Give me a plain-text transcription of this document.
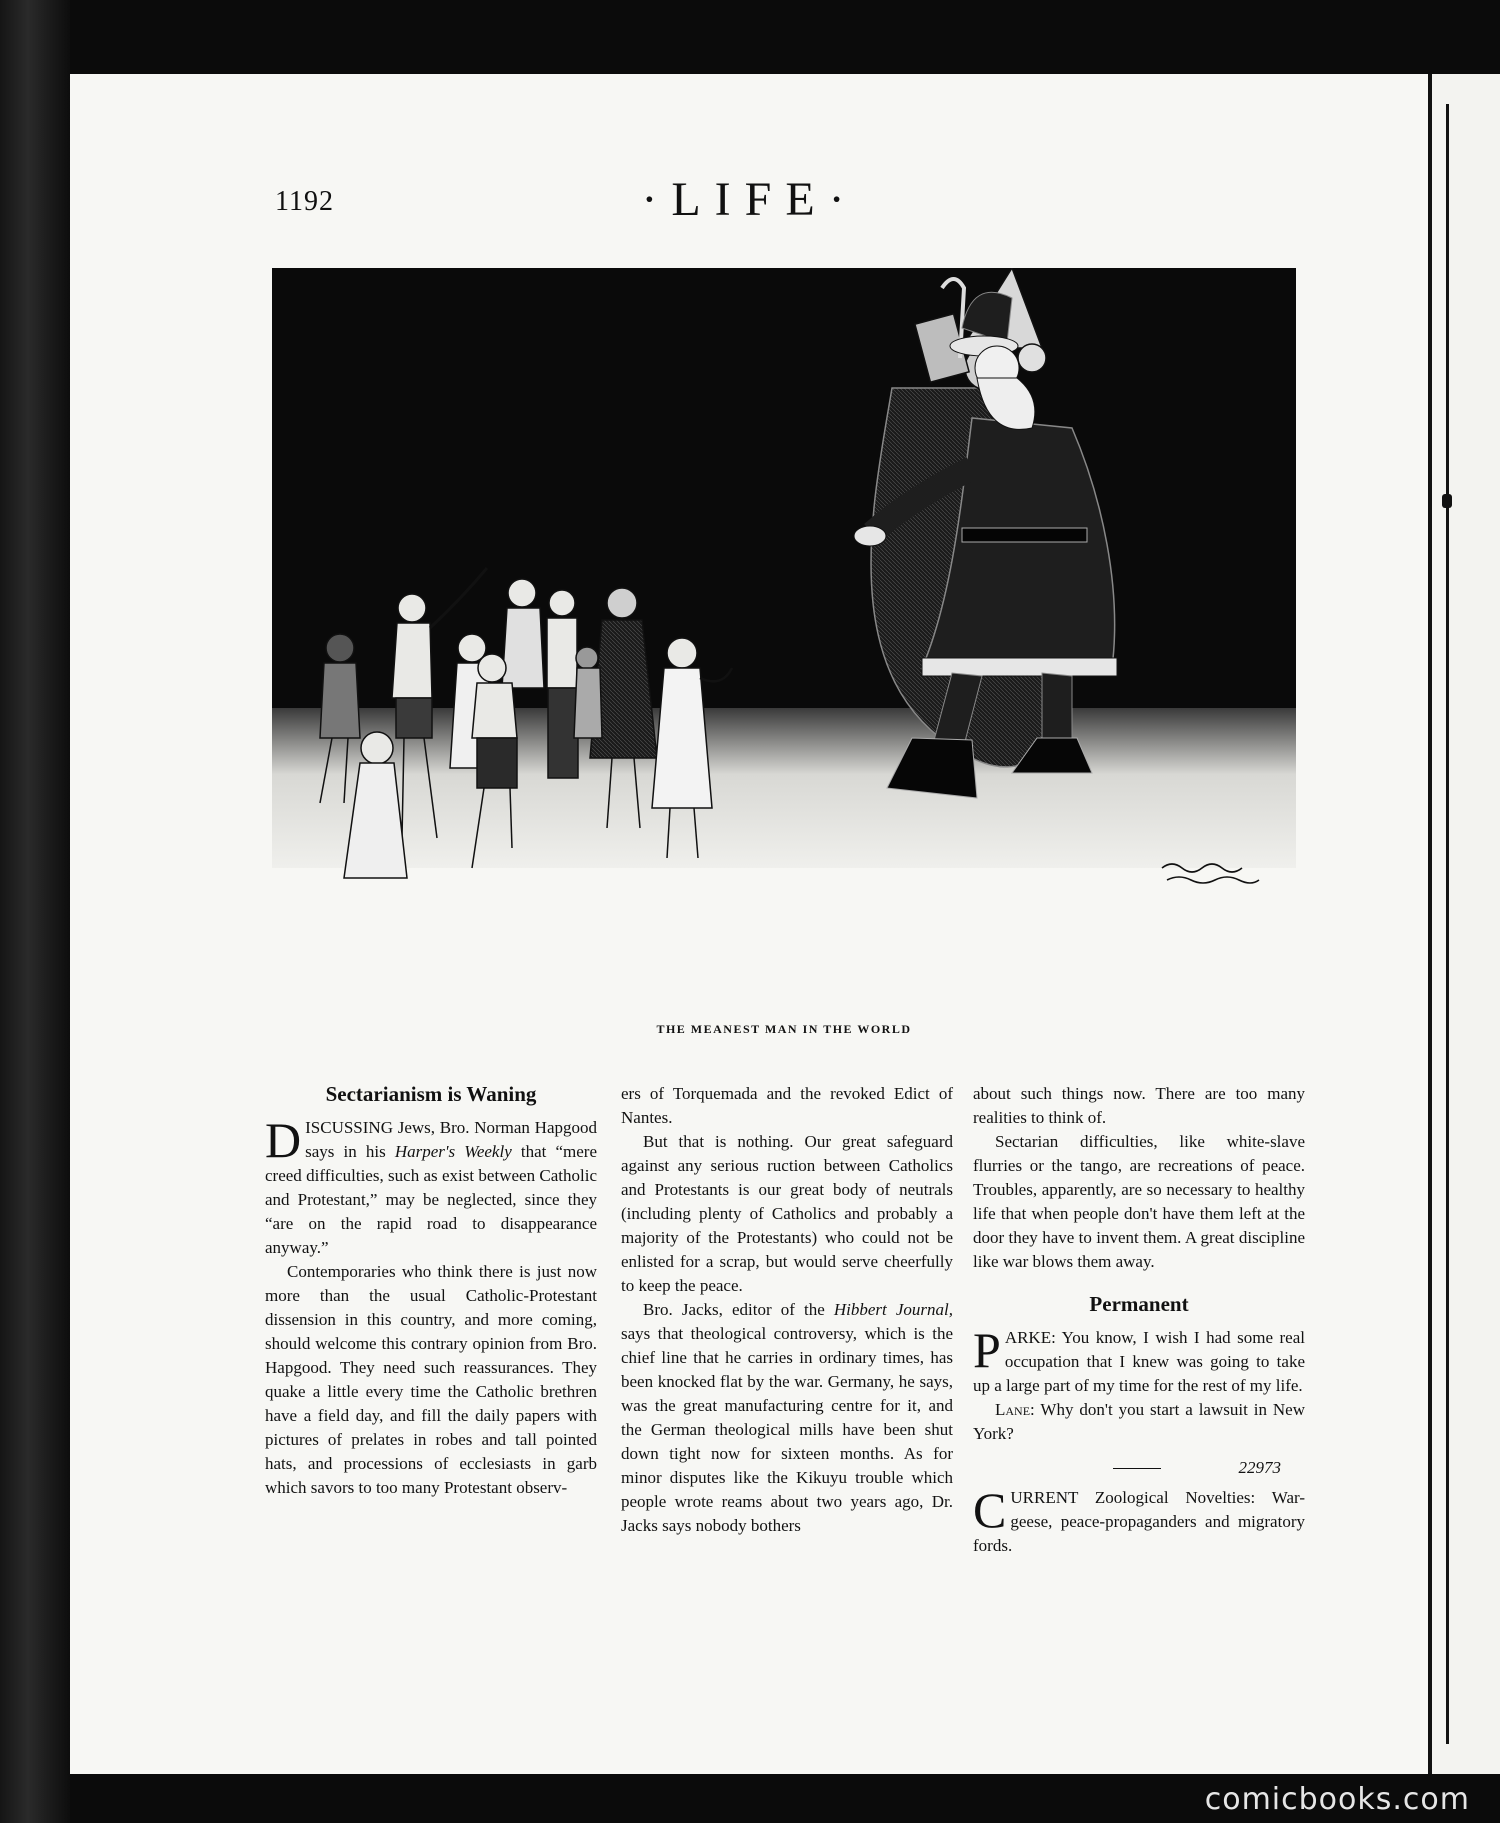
1192	·LIFE·
THE MEANEST MAN IN THE WORLD
Sectarianism is Waning

DISCUSSING Jews, Bro. Norman Hapgood says in his Harper's Weekly that “mere creed difficulties, such as exist between Catholic and Protestant,” may be neglected, since they “are on the rapid road to disappearance anyway.”

Contemporaries who think there is just now more than the usual Catholic-Protestant dissension in this country, and more coming, should welcome this contrary opinion from Bro. Hapgood. They need such reassurances. They quake a little every time the Catholic brethren have a field day, and fill the daily papers with pictures of prelates in robes and tall pointed hats, and processions of ecclesiasts in garb which savors to too many Protestant observ-

ers of Torquemada and the revoked Edict of Nantes.

But that is nothing. Our great safeguard against any serious ruction between Catholics and Protestants is our great body of neutrals (including plenty of Catholics and probably a majority of the Protestants) who could not be enlisted for a scrap, but would serve cheerfully to keep the peace.

Bro. Jacks, editor of the Hibbert Journal, says that theological controversy, which is the chief line that he carries in ordinary times, has been knocked flat by the war. Germany, he says, was the great manufacturing centre for it, and the German theological mills have been shut down tight now for sixteen months. As for minor disputes like the Kikuyu trouble which people wrote reams about two years ago, Dr. Jacks says nobody bothers

about such things now. There are too many realities to think of.

Sectarian difficulties, like white-slave flurries or the tango, are recreations of peace. Troubles, apparently, are so necessary to healthy life that when people don't have them left at the door they have to invent them. A great discipline like war blows them away.

Permanent

PARKE: You know, I wish I had some real occupation that I knew was going to take up a large part of my time for the rest of my life.

Lane: Why don't you start a lawsuit in New York?

22973

CURRENT Zoological Novelties: War-geese, peace-propaganders and migratory fords.

comicbooks.com
